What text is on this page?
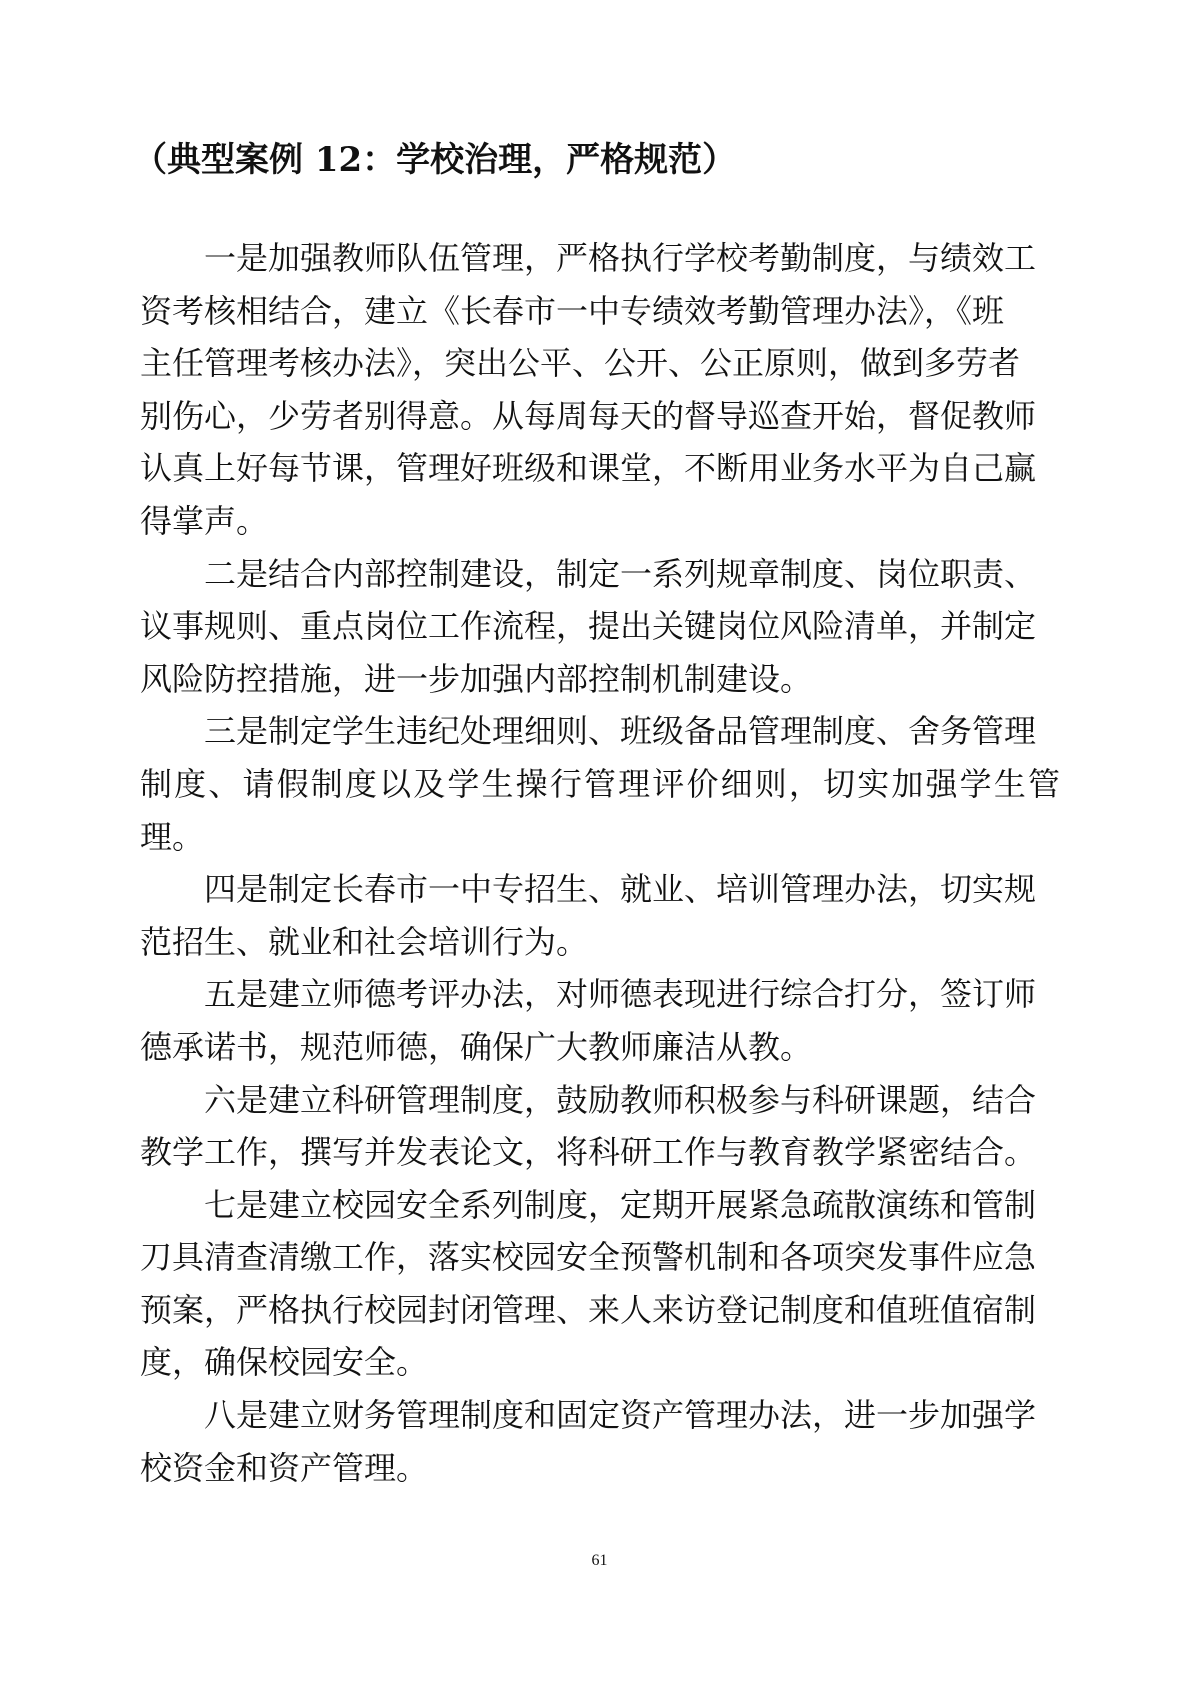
（典型案例 12：学校治理，严格规范）

一是加强教师队伍管理，严格执行学校考勤制度，与绩效工
资考核相结合，建立《长春市一中专绩效考勤管理办法》，《班
主任管理考核办法》，突出公平、公开、公正原则，做到多劳者
别伤心，少劳者别得意。从每周每天的督导巡查开始，督促教师
认真上好每节课，管理好班级和课堂，不断用业务水平为自己赢
得掌声。

二是结合内部控制建设，制定一系列规章制度、岗位职责、
议事规则、重点岗位工作流程，提出关键岗位风险清单，并制定
风险防控措施，进一步加强内部控制机制建设。

三是制定学生违纪处理细则、班级备品管理制度、舍务管理
制度、请假制度以及学生操行管理评价细则，切实加强学生管理。

四是制定长春市一中专招生、就业、培训管理办法，切实规
范招生、就业和社会培训行为。

五是建立师德考评办法，对师德表现进行综合打分，签订师
德承诺书，规范师德，确保广大教师廉洁从教。

六是建立科研管理制度，鼓励教师积极参与科研课题，结合
教学工作，撰写并发表论文，将科研工作与教育教学紧密结合。

七是建立校园安全系列制度，定期开展紧急疏散演练和管制
刀具清查清缴工作，落实校园安全预警机制和各项突发事件应急
预案，严格执行校园封闭管理、来人来访登记制度和值班值宿制
度，确保校园安全。

八是建立财务管理制度和固定资产管理办法，进一步加强学
校资金和资产管理。

61
